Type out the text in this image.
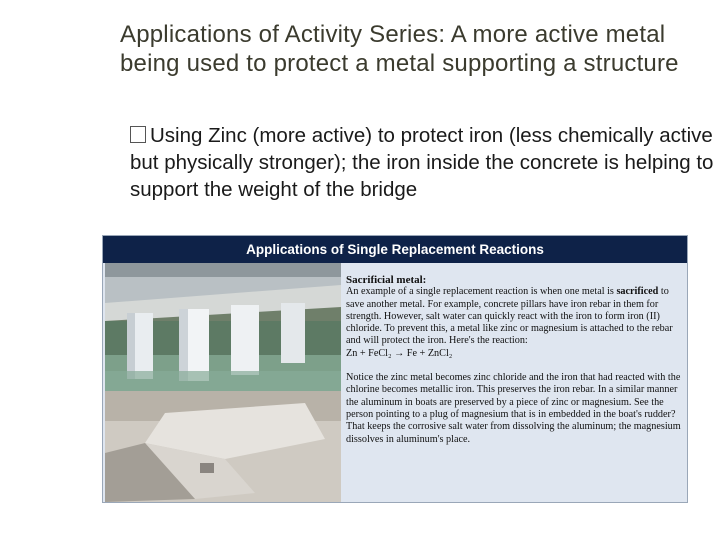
Applications of Activity Series: A more active metal being used to protect a metal supporting a structure
Using Zinc (more active) to protect iron (less chemically active but physically stronger); the iron inside the concrete is helping to support the weight of the bridge
Applications of Single Replacement Reactions

Sacrificial metal:

An example of a single replacement reaction is when one metal is sacrificed to save another metal. For example, concrete pillars have iron rebar in them for strength. However, salt water can quickly react with the iron to form iron (II) chloride. To prevent this, a metal like zinc or magnesium is attached to the rebar and will protect the iron. Here's the reaction:

Zn + FeCl₂ → Fe + ZnCl₂

Notice the zinc metal becomes zinc chloride and the iron that had reacted with the chlorine becomes metallic iron. This preserves the iron rebar. In a similar manner the aluminum in boats are preserved by a piece of zinc or magnesium. See the person pointing to a plug of magnesium that is in embedded in the boat's rudder? That keeps the corrosive salt water from dissolving the aluminum; the magnesium dissolves in aluminum's place.
